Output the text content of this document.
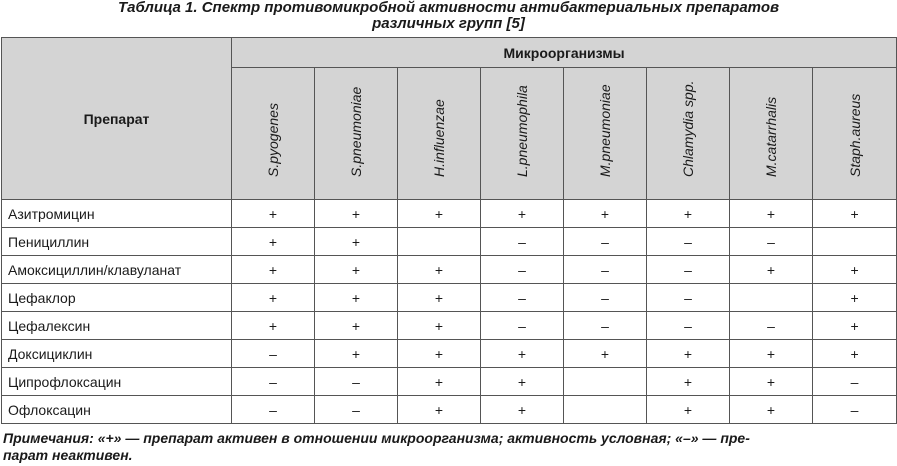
Таблица 1. Спектр противомикробной активности антибактериальных препаратов
различных групп [5]
Препарат	Микроорганизмы							

	S.pyogenes	S.pneumoniae	H.influenzae	L.pneumophila	M.pneumoniae	Chlamydia spp.	M.catarrhalis	Staph.aureus

Азитромицин	+	+	+	+	+	+	+	+
Пенициллин	+	+		–	–	–	–	
Амоксициллин/клавуланат	+	+	+	–	–	–	+	+
Цефаклор	+	+	+	–	–	–		+
Цефалексин	+	+	+	–	–	–	–	+
Доксициклин	–	+	+	+	+	+	+	+
Ципрофлоксацин	–	–	+	+		+	+	–
Офлоксацин	–	–	+	+		+	+	–
Примечания: «+» — препарат активен в отношении микроорганизма; активность условная; «–» — пре-
парат неактивен.
